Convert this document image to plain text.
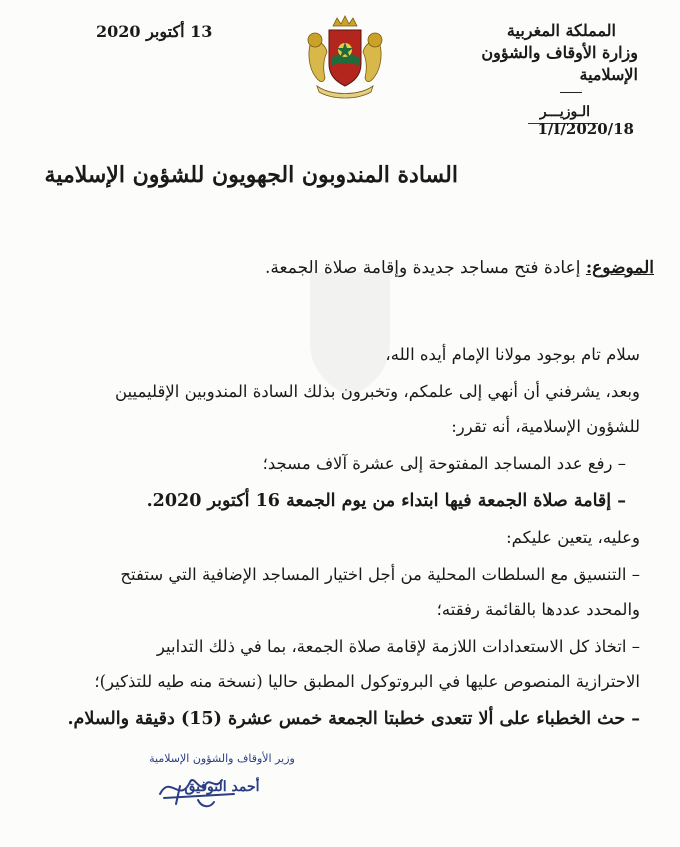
المملكة المغربية
وزارة الأوقاف والشؤون الإسلامية
الـوزيـــر
1/I/2020/18
13 أكتوبر 2020
السادة المندوبون الجهويون للشؤون الإسلامية
الموضوع: إعادة فتح مساجد جديدة وإقامة صلاة الجمعة.

سلام تام بوجود مولانا الإمام أيده الله،

وبعد، يشرفني أن أنهي إلى علمكم، وتخبرون بذلك السادة المندوبين الإقليميين

للشؤون الإسلامية، أنه تقرر:

– رفع عدد المساجد المفتوحة إلى عشرة آلاف مسجد؛

– إقامة صلاة الجمعة فيها ابتداء من يوم الجمعة 16 أكتوبر 2020.

وعليه، يتعين عليكم:

– التنسيق مع السلطات المحلية من أجل اختيار المساجد الإضافية التي ستفتح

والمحدد عددها بالقائمة رفقته؛

– اتخاذ كل الاستعدادات اللازمة لإقامة صلاة الجمعة، بما في ذلك التدابير

الاحترازية المنصوص عليها في البروتوكول المطبق حاليا (نسخة منه طيه للتذكير)؛

– حث الخطباء على ألا تتعدى خطبتا الجمعة خمس عشرة (15) دقيقة والسلام.

وزير الأوقاف والشؤون الإسلامية
أحمد التوفيق
